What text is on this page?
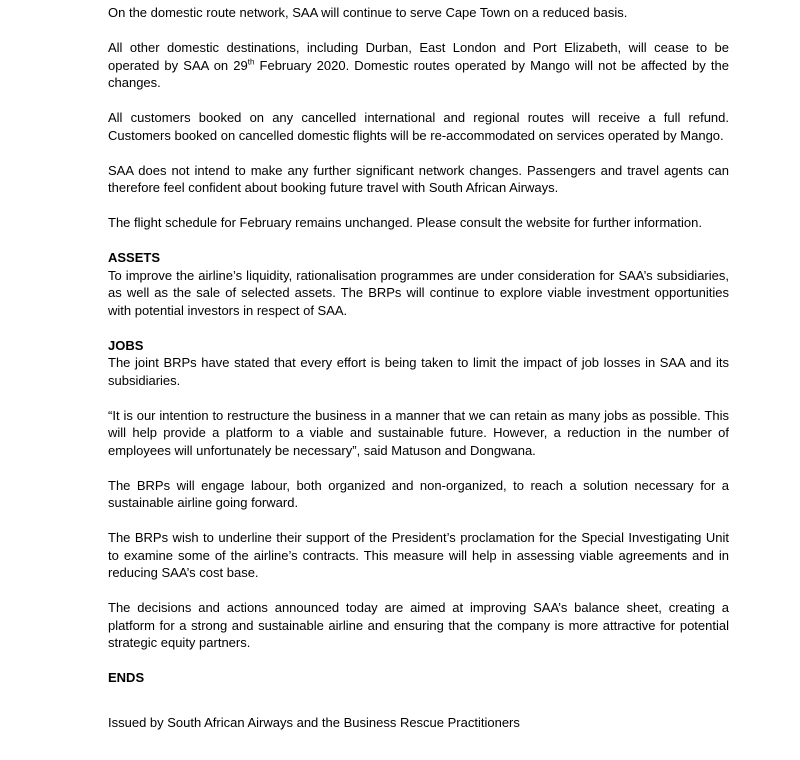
On the domestic route network, SAA will continue to serve Cape Town on a reduced basis.

All other domestic destinations, including Durban, East London and Port Elizabeth, will cease to be operated by SAA on 29th February 2020. Domestic routes operated by Mango will not be affected by the changes.

All customers booked on any cancelled international and regional routes will receive a full refund. Customers booked on cancelled domestic flights will be re-accommodated on services operated by Mango.

SAA does not intend to make any further significant network changes. Passengers and travel agents can therefore feel confident about booking future travel with South African Airways.

The flight schedule for February remains unchanged. Please consult the website for further information.

ASSETS

To improve the airline’s liquidity, rationalisation programmes are under consideration for SAA’s subsidiaries, as well as the sale of selected assets. The BRPs will continue to explore viable investment opportunities with potential investors in respect of SAA.

JOBS

The joint BRPs have stated that every effort is being taken to limit the impact of job losses in SAA and its subsidiaries.

“It is our intention to restructure the business in a manner that we can retain as many jobs as possible. This will help provide a platform to a viable and sustainable future. However, a reduction in the number of employees will unfortunately be necessary”, said Matuson and Dongwana.

The BRPs will engage labour, both organized and non-organized, to reach a solution necessary for a sustainable airline going forward.

The BRPs wish to underline their support of the President’s proclamation for the Special Investigating Unit to examine some of the airline’s contracts. This measure will help in assessing viable agreements and in reducing SAA’s cost base.

The decisions and actions announced today are aimed at improving SAA’s balance sheet, creating a platform for a strong and sustainable airline and ensuring that the company is more attractive for potential strategic equity partners.

ENDS

Issued by South African Airways and the Business Rescue Practitioners
